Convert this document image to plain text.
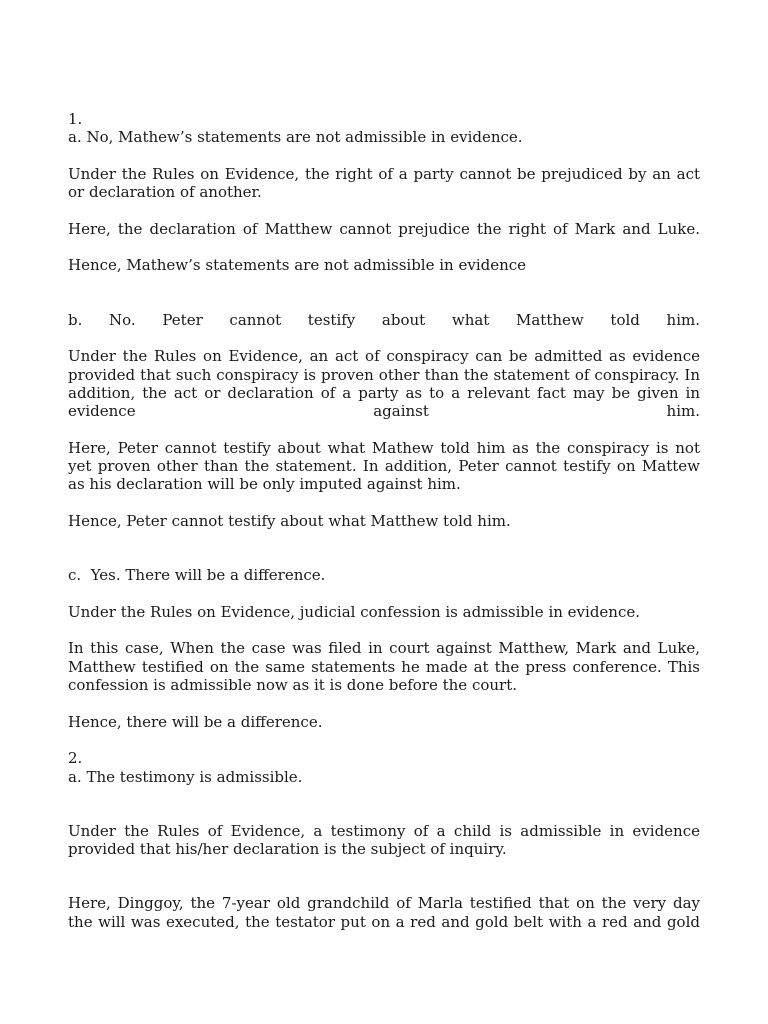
1.
a. No, Mathew’s statements are not admissible in evidence.

Under the Rules on Evidence, the right of a party cannot be prejudiced by an act or declaration of another.

Here, the declaration of Matthew cannot prejudice the right of Mark and Luke.

Hence, Mathew’s statements are not admissible in evidence

b. No. Peter cannot testify about what Matthew told him.

Under the Rules on Evidence, an act of conspiracy can be admitted as evidence provided that such conspiracy is proven other than the statement of conspiracy. In addition, the act or declaration of a party as to a relevant fact may be given in evidence against him.

Here, Peter cannot testify about what Mathew told him as the conspiracy is not yet proven other than the statement. In addition, Peter cannot testify on Mattew as his declaration will be only imputed against him.

Hence, Peter cannot testify about what Matthew told him.
c.  Yes. There will be a difference.
Under the Rules on Evidence, judicial confession is admissible in evidence.

In this case, When the case was filed in court against Matthew, Mark and Luke, Matthew testified on the same statements he made at the press conference. This confession is admissible now as it is done before the court.

Hence, there will be a difference.
2.
a. The testimony is admissible.

Under the Rules of Evidence, a testimony of a child is admissible in evidence provided that his/her declaration is the subject of inquiry.

Here, Dinggoy, the 7-year old grandchild of Marla testified that on the very day the will was executed, the testator put on a red and gold belt with a red and gold
